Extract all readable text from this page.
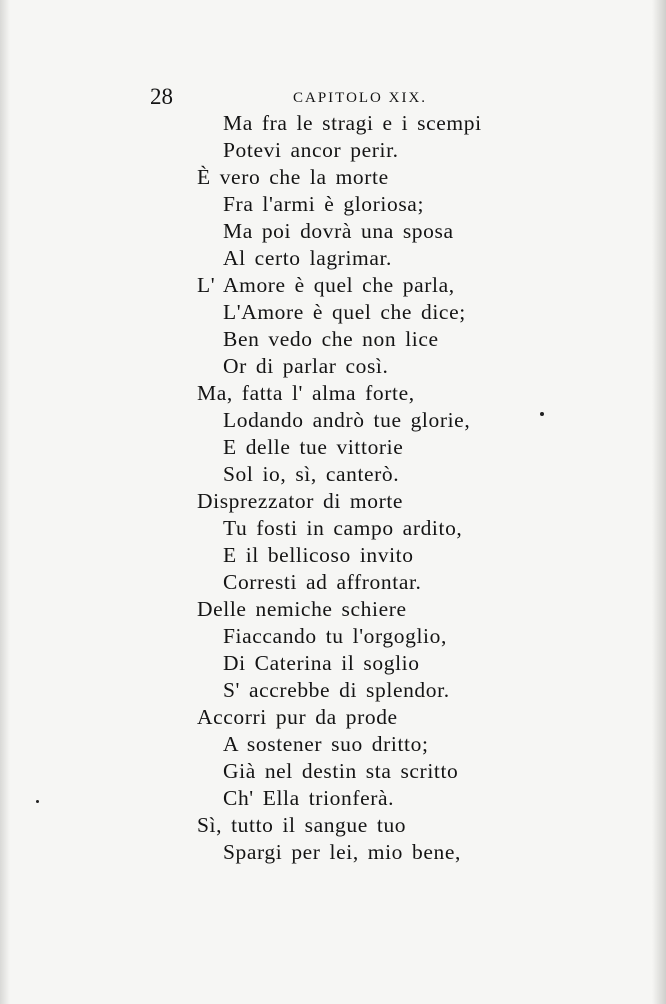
28	CAPITOLO XIX.
Ma fra le stragi e i scempi
Potevi ancor perir.
È vero che la morte
Fra l'armi è gloriosa;
Ma poi dovrà una sposa
Al certo lagrimar.
L' Amore è quel che parla,
L'Amore è quel che dice;
Ben vedo che non lice
Or di parlar così.
Ma, fatta l' alma forte,
Lodando andrò tue glorie,
E delle tue vittorie
Sol io, sì, canterò.
Disprezzator di morte
Tu fosti in campo ardito,
E il bellicoso invito
Corresti ad affrontar.
Delle nemiche schiere
Fiaccando tu l'orgoglio,
Di Caterina il soglio
S' accrebbe di splendor.
Accorri pur da prode
A sostener suo dritto;
Già nel destin sta scritto
Ch' Ella trionferà.
Sì, tutto il sangue tuo
Spargi per lei, mio bene,
